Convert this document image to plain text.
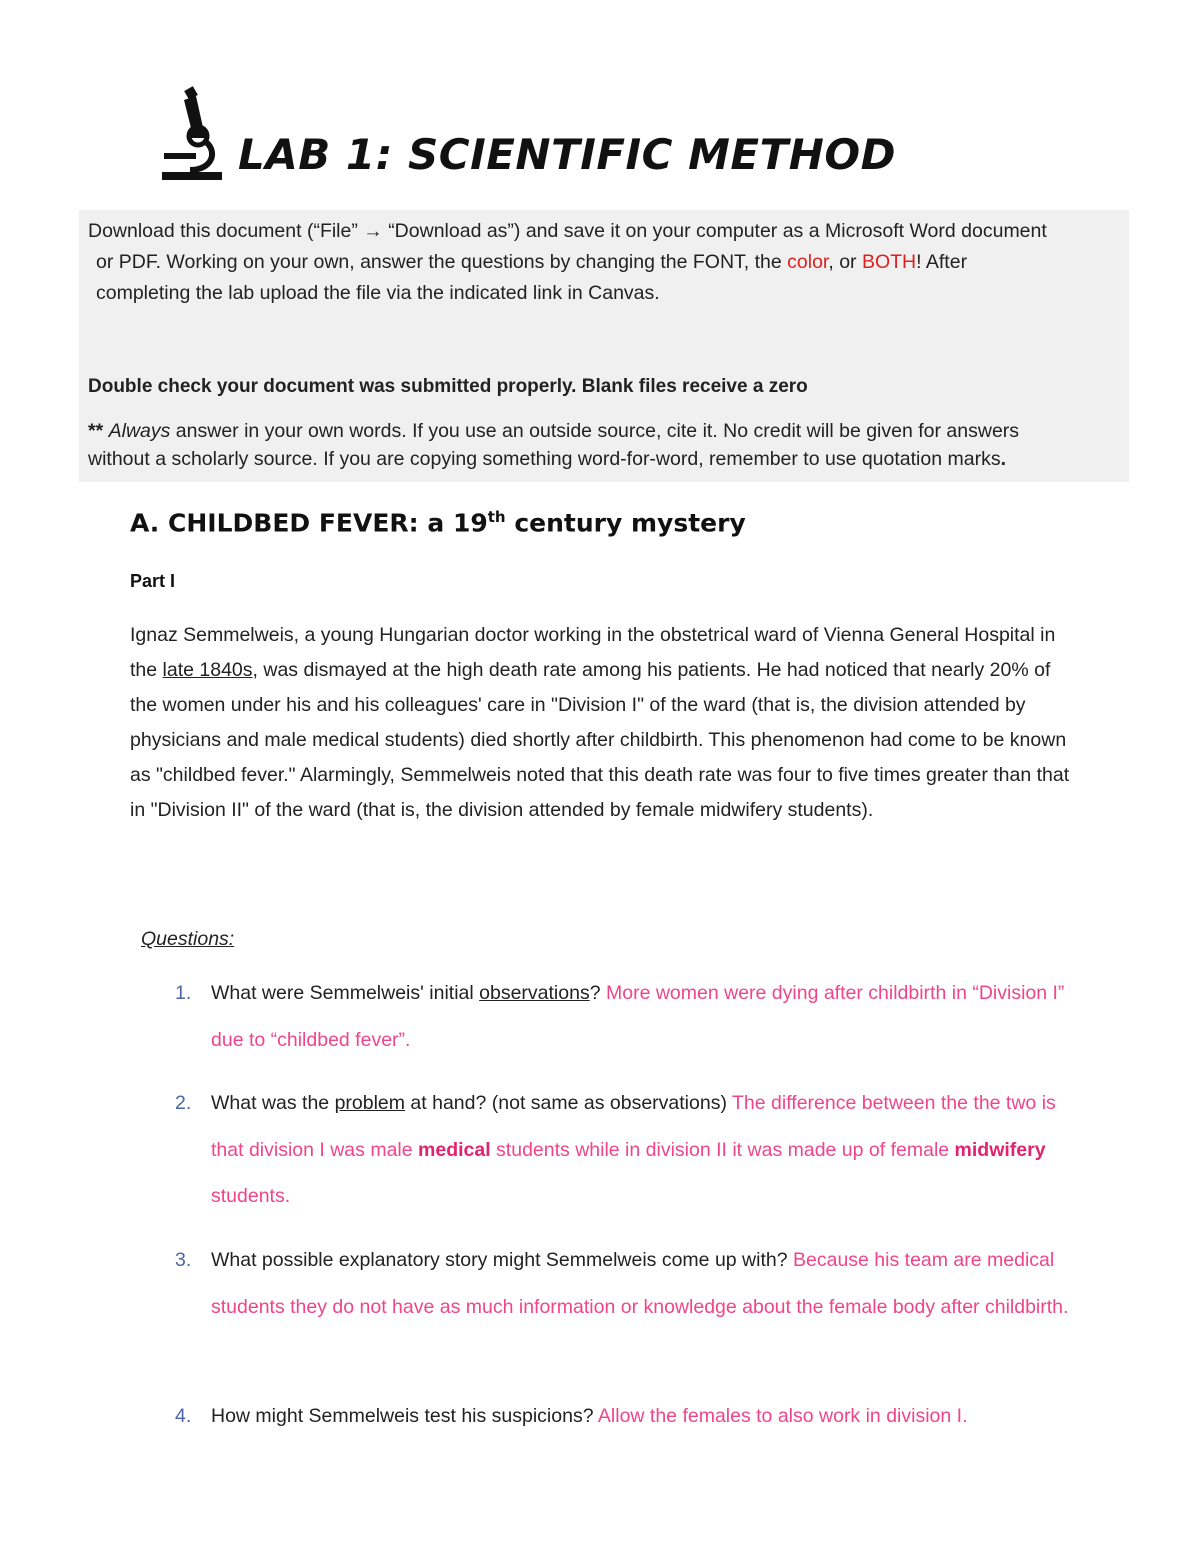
LAB 1: SCIENTIFIC METHOD
Download this document (“File” → “Download as”) and save it on your computer as a Microsoft Word document
or PDF. Working on your own, answer the questions by changing the FONT, the color, or BOTH! After
completing the lab upload the file via the indicated link in Canvas.
Double check your document was submitted properly. Blank files receive a zero
** Always answer in your own words. If you use an outside source, cite it. No credit will be given for answers
without a scholarly source. If you are copying something word-for-word, remember to use quotation marks.
A. CHILDBED FEVER: a 19th century mystery
Part I
Ignaz Semmelweis, a young Hungarian doctor working in the obstetrical ward of Vienna General Hospital in the late 1840s, was dismayed at the high death rate among his patients. He had noticed that nearly 20% of the women under his and his colleagues' care in "Division I" of the ward (that is, the division attended by physicians and male medical students) died shortly after childbirth. This phenomenon had come to be known as "childbed fever." Alarmingly, Semmelweis noted that this death rate was four to five times greater than that in "Division II" of the ward (that is, the division attended by female midwifery students).
Questions:
1. What were Semmelweis' initial observations? More women were dying after childbirth in “Division I” due to “childbed fever”.
2. What was the problem at hand? (not same as observations) The difference between the the two is that division I was male medical students while in division II it was made up of female midwifery students.
3. What possible explanatory story might Semmelweis come up with? Because his team are medical students they do not have as much information or knowledge about the female body after childbirth.
4. How might Semmelweis test his suspicions? Allow the females to also work in division I.
